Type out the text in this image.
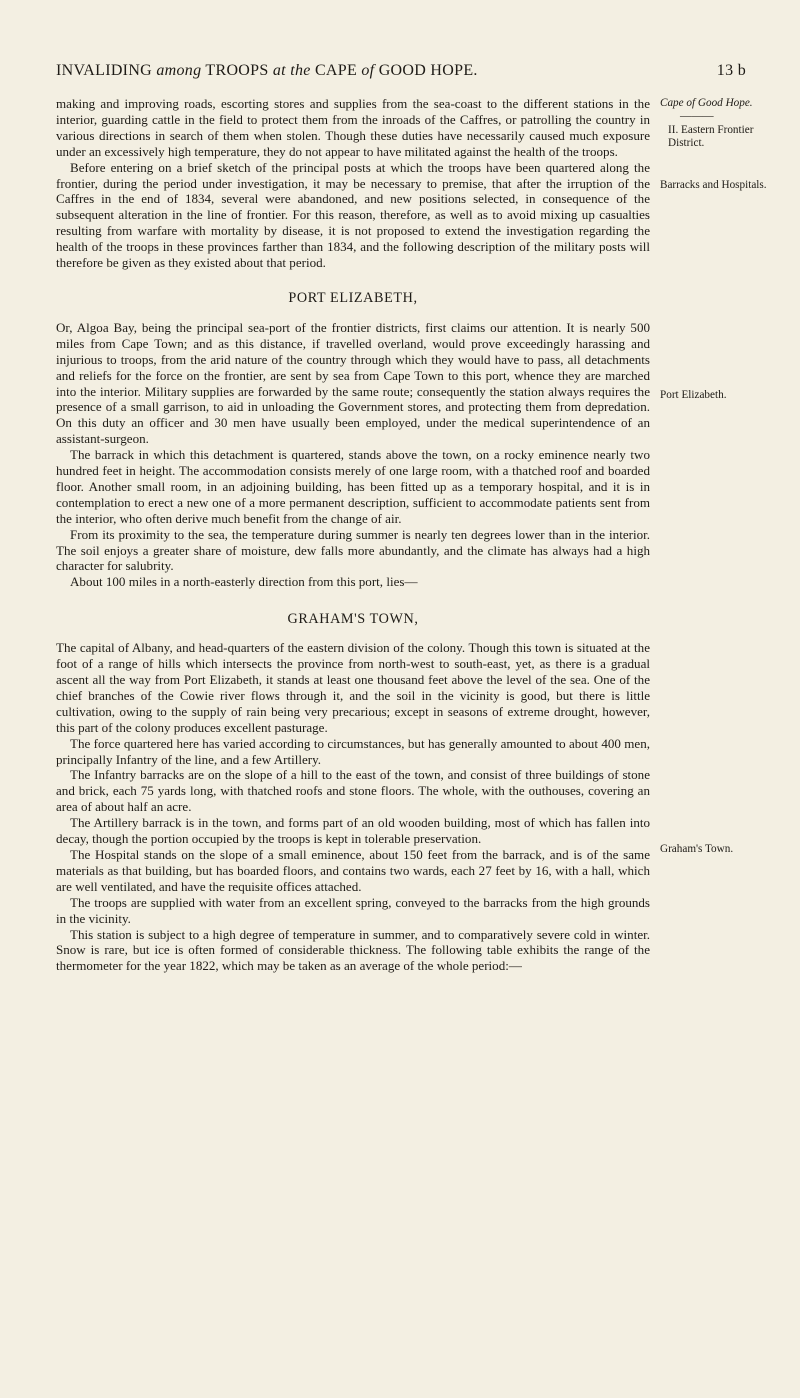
INVALIDING among TROOPS at the CAPE of GOOD HOPE.	13 b
Cape of Good Hope.
———
II. Eastern Frontier District.
Barracks and Hospitals.
Port Elizabeth.
Graham's Town.

making and improving roads, escorting stores and supplies from the sea-coast to the different stations in the interior, guarding cattle in the field to protect them from the inroads of the Caffres, or patrolling the country in various directions in search of them when stolen. Though these duties have necessarily caused much exposure under an excessively high temperature, they do not appear to have militated against the health of the troops.

Before entering on a brief sketch of the principal posts at which the troops have been quartered along the frontier, during the period under investigation, it may be necessary to premise, that after the irruption of the Caffres in the end of 1834, several were abandoned, and new positions selected, in consequence of the subsequent alteration in the line of frontier. For this reason, therefore, as well as to avoid mixing up casualties resulting from warfare with mortality by disease, it is not proposed to extend the investigation regarding the health of the troops in these provinces farther than 1834, and the following description of the military posts will therefore be given as they existed about that period.

PORT ELIZABETH,

Or, Algoa Bay, being the principal sea-port of the frontier districts, first claims our attention. It is nearly 500 miles from Cape Town; and as this distance, if travelled overland, would prove exceedingly harassing and injurious to troops, from the arid nature of the country through which they would have to pass, all detachments and reliefs for the force on the frontier, are sent by sea from Cape Town to this port, whence they are marched into the interior. Military supplies are forwarded by the same route; consequently the station always requires the presence of a small garrison, to aid in unloading the Government stores, and protecting them from depredation. On this duty an officer and 30 men have usually been employed, under the medical superintendence of an assistant-surgeon.

The barrack in which this detachment is quartered, stands above the town, on a rocky eminence nearly two hundred feet in height. The accommodation consists merely of one large room, with a thatched roof and boarded floor. Another small room, in an adjoining building, has been fitted up as a temporary hospital, and it is in contemplation to erect a new one of a more permanent description, sufficient to accommodate patients sent from the interior, who often derive much benefit from the change of air.

From its proximity to the sea, the temperature during summer is nearly ten degrees lower than in the interior. The soil enjoys a greater share of moisture, dew falls more abundantly, and the climate has always had a high character for salubrity.

About 100 miles in a north-easterly direction from this port, lies—

GRAHAM'S TOWN,

The capital of Albany, and head-quarters of the eastern division of the colony. Though this town is situated at the foot of a range of hills which intersects the province from north-west to south-east, yet, as there is a gradual ascent all the way from Port Elizabeth, it stands at least one thousand feet above the level of the sea. One of the chief branches of the Cowie river flows through it, and the soil in the vicinity is good, but there is little cultivation, owing to the supply of rain being very precarious; except in seasons of extreme drought, however, this part of the colony produces excellent pasturage.

The force quartered here has varied according to circumstances, but has generally amounted to about 400 men, principally Infantry of the line, and a few Artillery.

The Infantry barracks are on the slope of a hill to the east of the town, and consist of three buildings of stone and brick, each 75 yards long, with thatched roofs and stone floors. The whole, with the outhouses, covering an area of about half an acre.

The Artillery barrack is in the town, and forms part of an old wooden building, most of which has fallen into decay, though the portion occupied by the troops is kept in tolerable preservation.

The Hospital stands on the slope of a small eminence, about 150 feet from the barrack, and is of the same materials as that building, but has boarded floors, and contains two wards, each 27 feet by 16, with a hall, which are well ventilated, and have the requisite offices attached.

The troops are supplied with water from an excellent spring, conveyed to the barracks from the high grounds in the vicinity.

This station is subject to a high degree of temperature in summer, and to comparatively severe cold in winter. Snow is rare, but ice is often formed of considerable thickness. The following table exhibits the range of the thermometer for the year 1822, which may be taken as an average of the whole period:—
